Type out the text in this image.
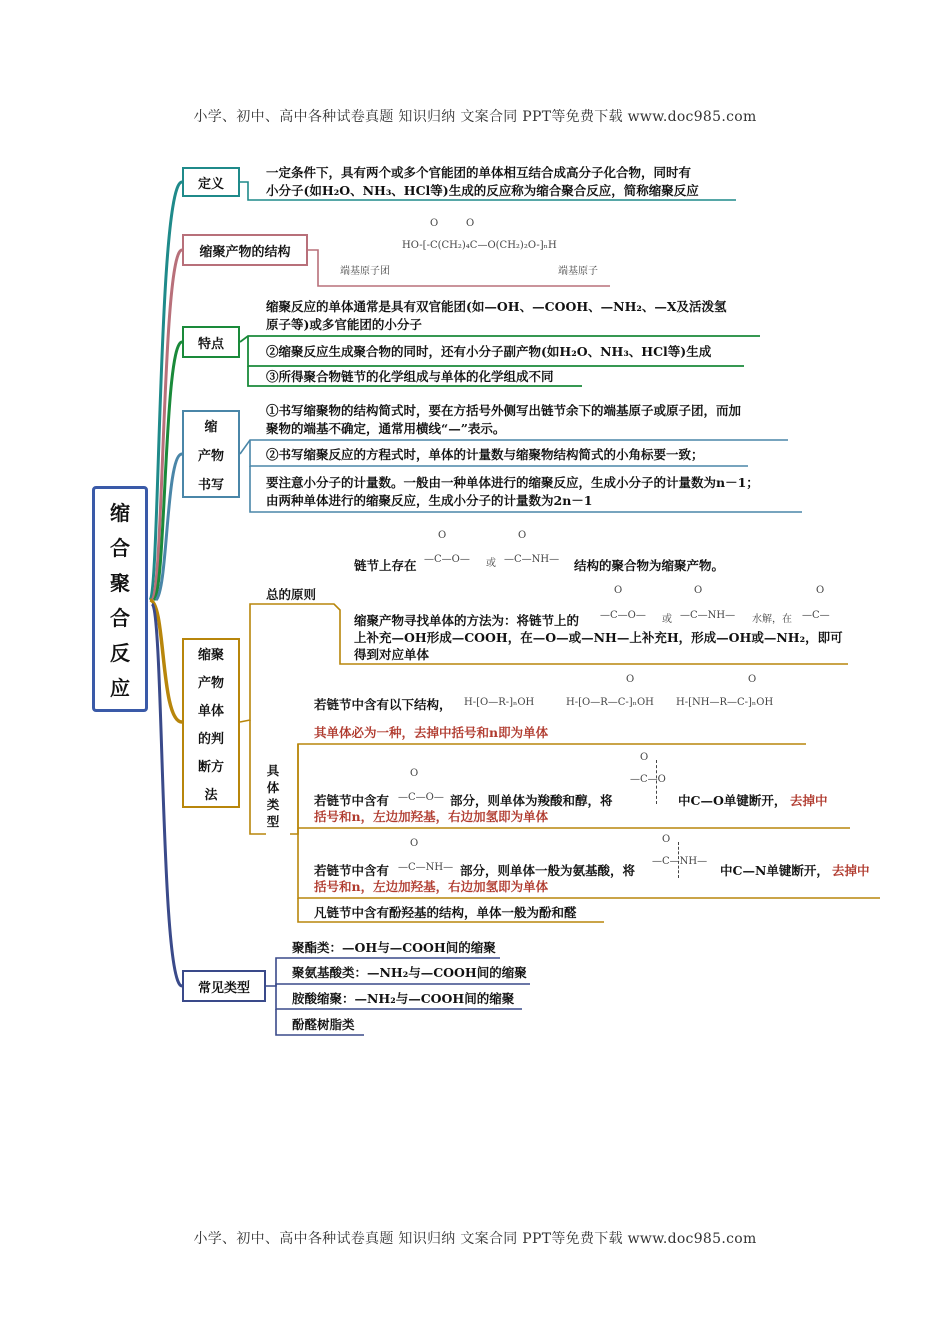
小学、初中、高中各种试卷真题 知识归纳 文案合同 PPT等免费下载 www.doc985.com
缩
合
聚
合
反
应
定义
一定条件下，具有两个或多个官能团的单体相互结合成高分子化合物，同时有
小分子(如H₂O、NH₃、HCl等)生成的反应称为缩合聚合反应，简称缩聚反应
缩聚产物的结构
O	O
HO-[-C(CH₂)₄C—O(CH₂)₂O-]ₙH
端基原子团	端基原子
特点
缩聚反应的单体通常是具有双官能团(如—OH、—COOH、—NH₂、—X及活泼氢
原子等)或多官能团的小分子
②缩聚反应生成聚合物的同时，还有小分子副产物(如H₂O、NH₃、HCl等)生成
③所得聚合物链节的化学组成与单体的化学组成不同
缩
产物
书写
①书写缩聚物的结构简式时，要在方括号外侧写出链节余下的端基原子或原子团，而加
聚物的端基不确定，通常用横线“—”表示。
②书写缩聚反应的方程式时，单体的计量数与缩聚物结构简式的小角标要一致；
要注意小分子的计量数。一般由一种单体进行的缩聚反应，生成小分子的计量数为n－1；
由两种单体进行的缩聚反应，生成小分子的计量数为2n－1
链节上存在
O
—C—O— 或
O
—C—NH— 结构的聚合物为缩聚产物。
缩聚
产物
单体
的判
断方
法
总的原则
缩聚产物寻找单体的方法为：将链节上的
O
—C—O— 或
O
—C—NH— 水解，在
O
—C—
上补充—OH形成—COOH，在—O—或—NH—上补充H，形成—OH或—NH₂，即可
得到对应单体
具
体
类
型
若链节中含有以下结构， H-[O—R-]ₙOH
O
H-[O—R—C-]ₙOH
O
H-[NH—R—C-]ₙOH
其单体必为一种，去掉中括号和n即为单体
若链节中含有
O
—C—O— 部分，则单体为羧酸和醇，将
O
—C—O
中C—O单键断开， 去掉中
括号和n，左边加羟基，右边加氢即为单体
若链节中含有
O
—C—NH— 部分，则单体一般为氨基酸，将
O
—C—NH—
中C—N单键断开， 去掉中
括号和n，左边加羟基，右边加氢即为单体
凡链节中含有酚羟基的结构，单体一般为酚和醛
常见类型
聚酯类：—OH与—COOH间的缩聚
聚氨基酸类：—NH₂与—COOH间的缩聚
胺酸缩聚：—NH₂与—COOH间的缩聚
酚醛树脂类
小学、初中、高中各种试卷真题 知识归纳 文案合同 PPT等免费下载 www.doc985.com
